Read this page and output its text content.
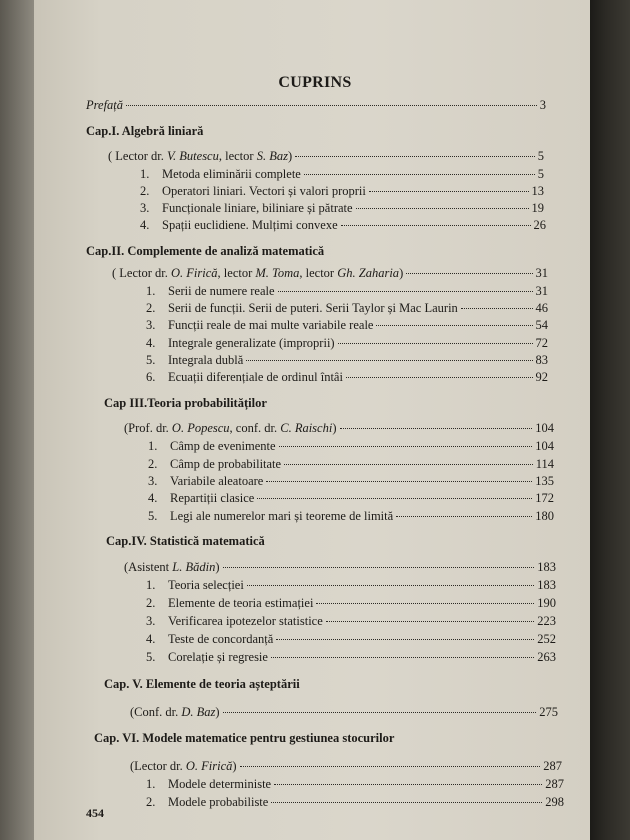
CUPRINS
Prefață	3
Cap.I. Algebră liniară
( Lector dr. V. Butescu, lector S. Baz)	5
1.	Metoda eliminării complete	5
2.	Operatori liniari. Vectori și valori proprii	13
3.	Funcționale liniare, biliniare și pătrate	19
4.	Spații euclidiene. Mulțimi convexe	26
Cap.II. Complemente de analiză matematică
( Lector dr. O. Firică, lector M. Toma, lector Gh. Zaharia)	31
1.	Serii de numere reale	31
2.	Serii de funcții. Serii de puteri. Serii Taylor și Mac Laurin	46
3.	Funcții reale de mai multe variabile reale	54
4.	Integrale generalizate (improprii)	72
5.	Integrala dublă	83
6.	Ecuații diferențiale de ordinul întâi	92
Cap III.Teoria probabilităților
(Prof. dr. O. Popescu, conf. dr. C. Raischi)	104
1.	Câmp de evenimente	104
2.	Câmp de probabilitate	114
3.	Variabile aleatoare	135
4.	Repartiții clasice	172
5.	Legi ale numerelor mari și teoreme de limită	180
Cap.IV. Statistică matematică
(Asistent L. Bădin)	183
1.	Teoria selecției	183
2.	Elemente de teoria estimației	190
3.	Verificarea ipotezelor statistice	223
4.	Teste de concordanță	252
5.	Corelație și regresie	263
Cap. V. Elemente de teoria așteptării
(Conf. dr. D. Baz)	275
Cap. VI. Modele matematice pentru gestiunea stocurilor
(Lector dr. O. Firică)	287
1.	Modele deterministe	287
2.	Modele probabiliste	298
454
